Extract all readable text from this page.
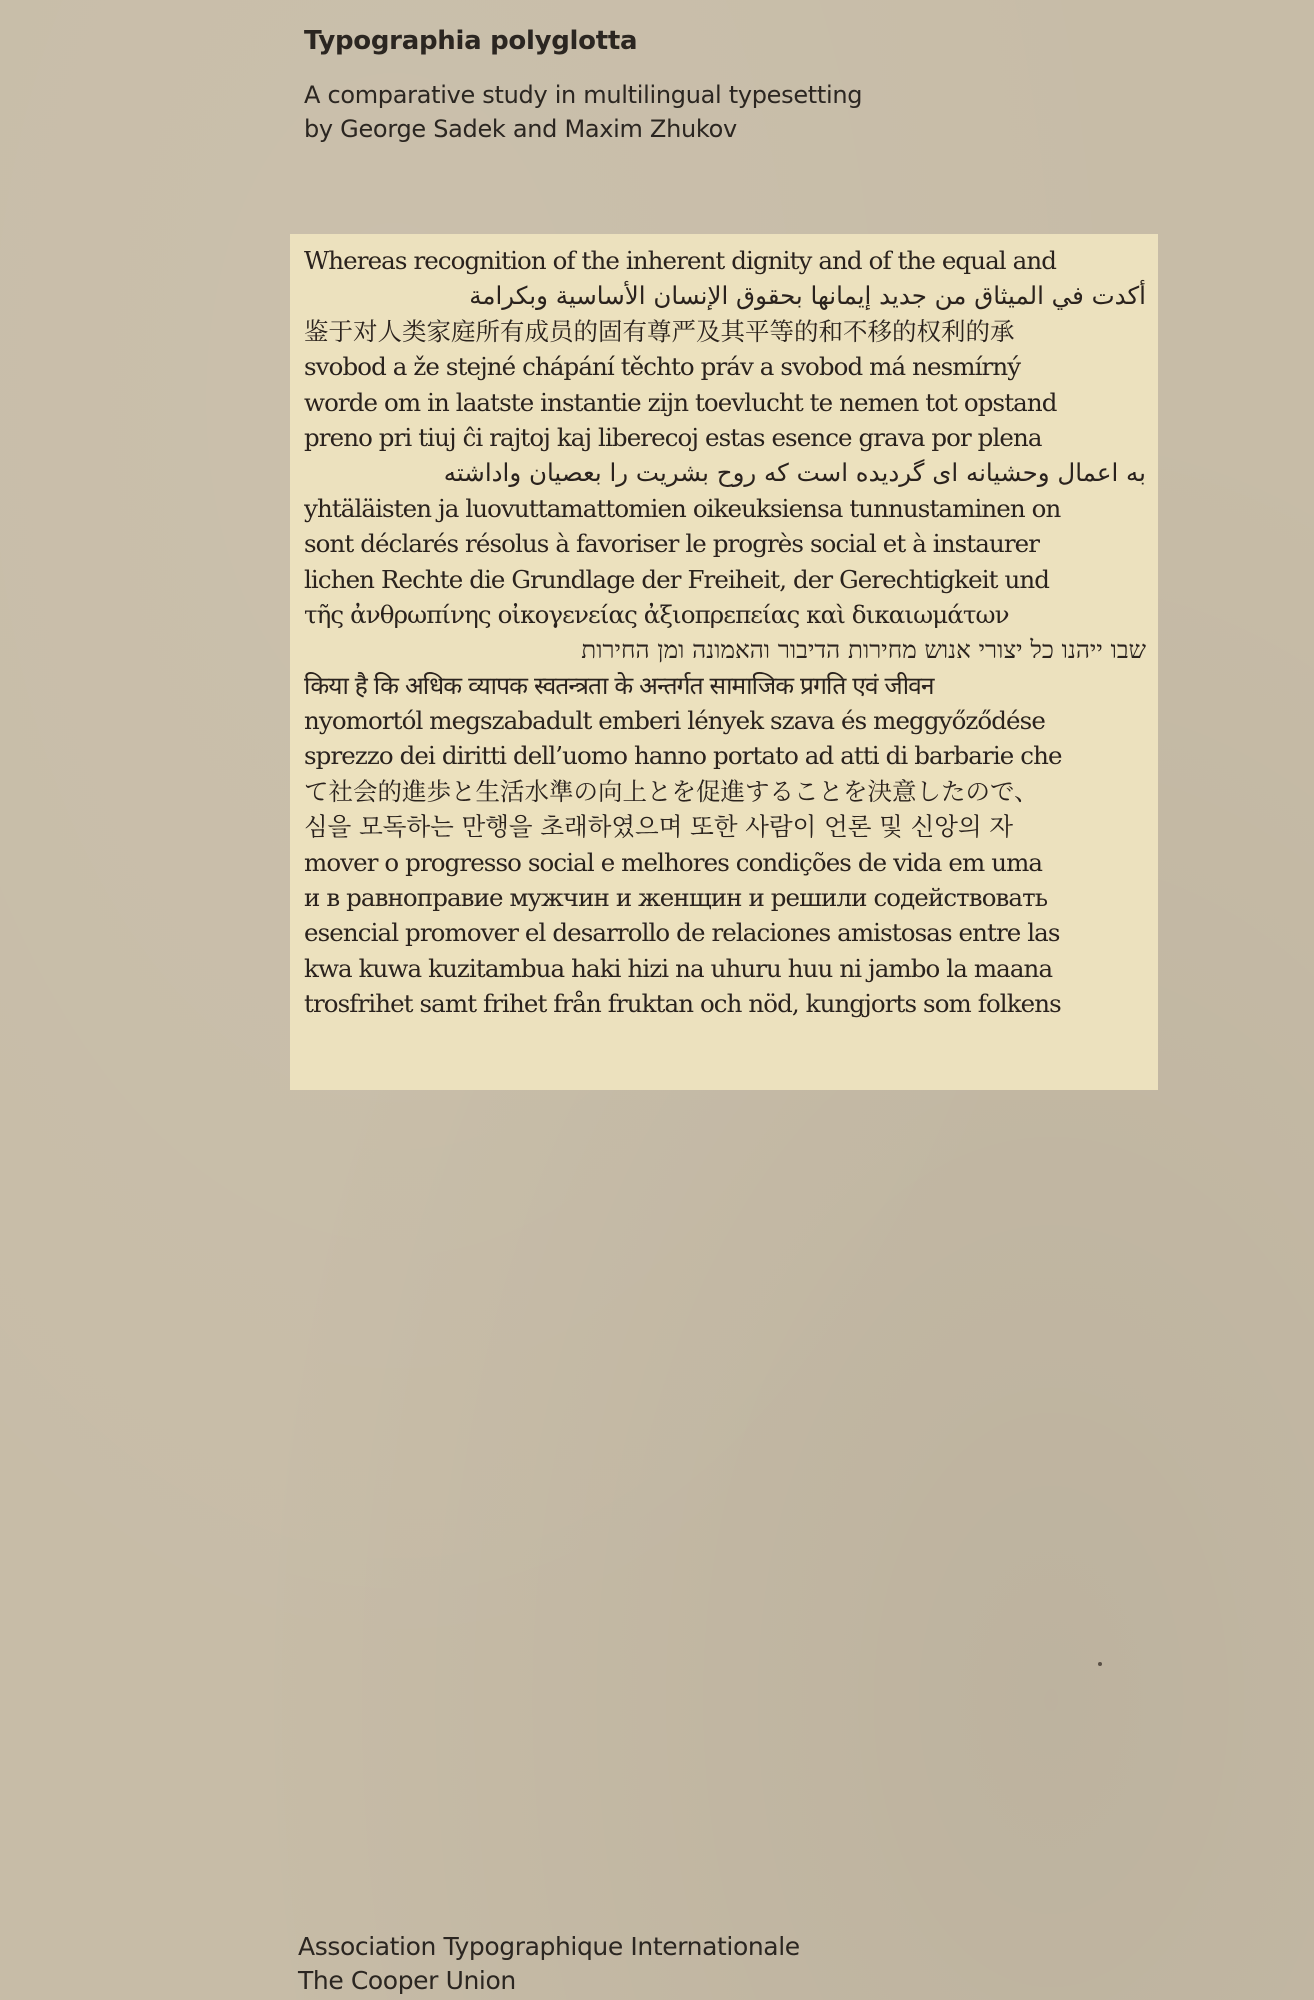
Typographia polyglotta

A comparative study in multilingual typesetting

by George Sadek and Maxim Zhukov

Whereas recognition of the inherent dignity and of the equal and
أكدت في الميثاق من جديد إيمانها بحقوق الإنسان الأساسية وبكرامة
鉴于对人类家庭所有成员的固有尊严及其平等的和不移的权利的承
svobod a že stejné chápání těchto práv a svobod má nesmírný
worde om in laatste instantie zijn toevlucht te nemen tot opstand
preno pri tiuj ĉi rajtoj kaj liberecoj estas esence grava por plena
به اعمال وحشیانه ای گردیده است که روح بشریت را بعصیان واداشته
yhtäläisten ja luovuttamattomien oikeuksiensa tunnustaminen on
sont déclarés résolus à favoriser le progrès social et à instaurer
lichen Rechte die Grundlage der Freiheit, der Gerechtigkeit und
τῆς ἀνθρωπίνης οἰκογενείας ἀξιοπρεπείας καὶ δικαιωμάτων
שבו ייהנו כל יצורי אנוש מחירות הדיבור והאמונה ומן החירות
किया है कि अधिक व्यापक स्वतन्त्रता के अन्तर्गत सामाजिक प्रगति एवं जीवन
nyomortól megszabadult emberi lények szava és meggyőződése
sprezzo dei diritti dell’uomo hanno portato ad atti di barbarie che
て社会的進歩と生活水準の向上とを促進することを決意したので、
심을 모독하는 만행을 초래하였으며 또한 사람이 언론 및 신앙의 자
mover o progresso social e melhores condições de vida em uma
и в равноправие мужчин и женщин и решили содействовать
esencial promover el desarrollo de relaciones amistosas entre las
kwa kuwa kuzitambua haki hizi na uhuru huu ni jambo la maana
trosfrihet samt frihet från fruktan och nöd, kungjorts som folkens

Association Typographique Internationale

The Cooper Union
